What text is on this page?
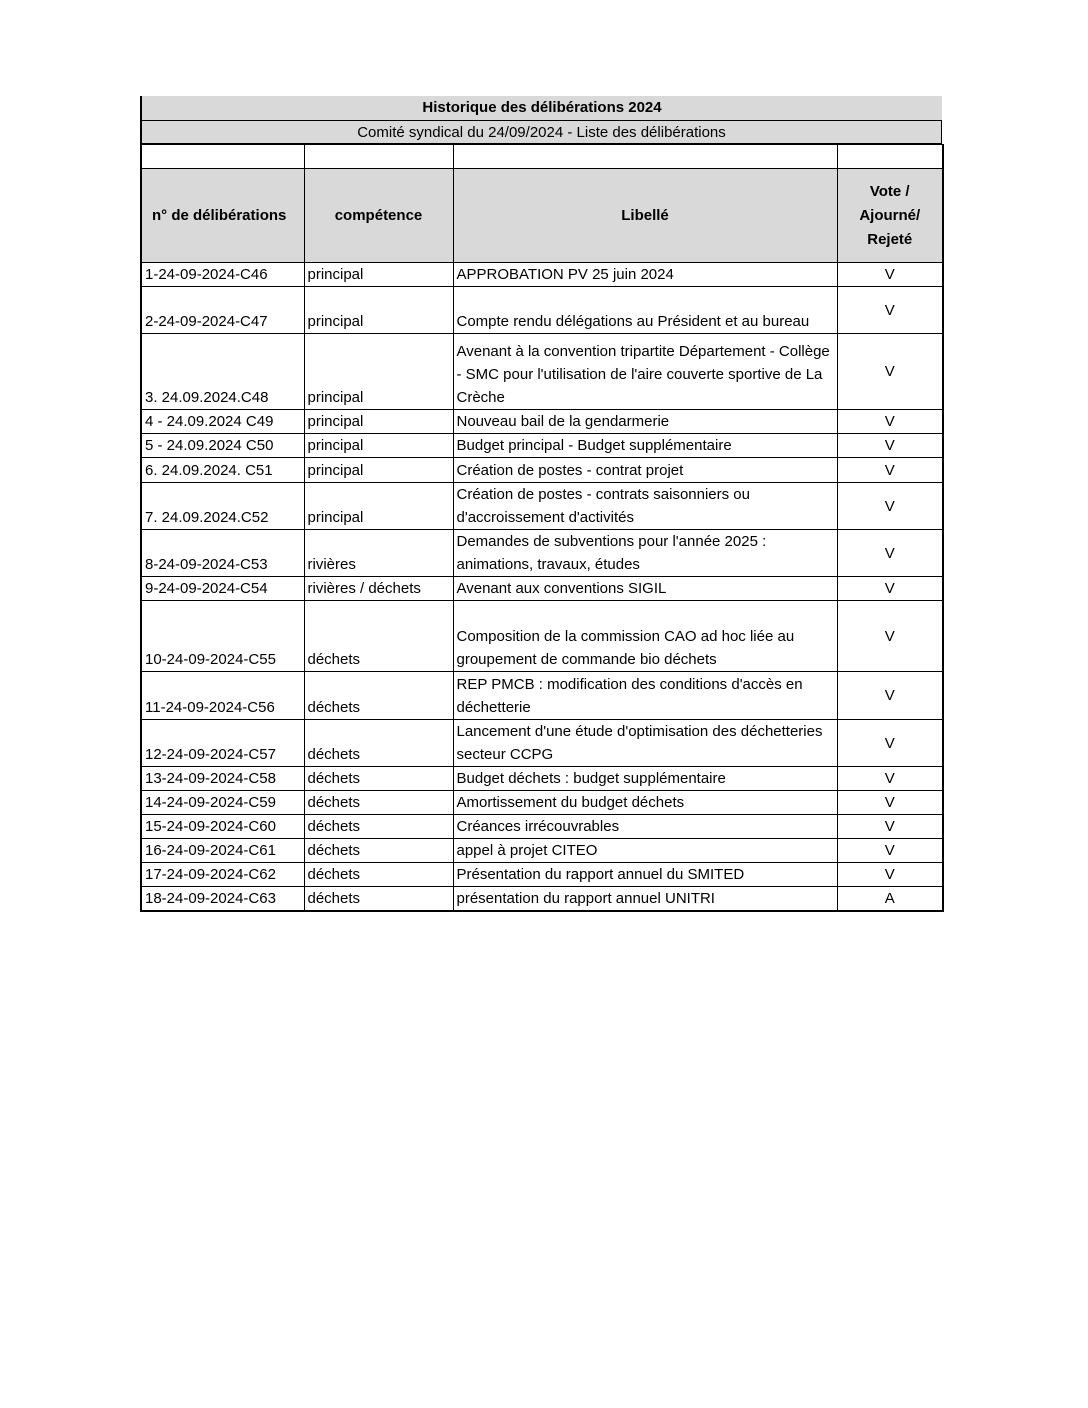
Historique des délibérations 2024
Comité syndical du 24/09/2024 - Liste des délibérations

n° de délibérations	compétence	Libellé	Vote / Ajourné/ Rejeté
1-24-09-2024-C46	principal	APPROBATION PV 25 juin 2024	V
2-24-09-2024-C47	principal	Compte rendu délégations au Président et au bureau	V
3. 24.09.2024.C48	principal	Avenant à la convention tripartite Département - Collège - SMC pour l'utilisation de l'aire couverte sportive de La Crèche	V
4 - 24.09.2024 C49	principal	Nouveau bail de la gendarmerie	V
5 - 24.09.2024 C50	principal	Budget principal - Budget supplémentaire	V
6. 24.09.2024. C51	principal	Création de postes - contrat projet	V
7. 24.09.2024.C52	principal	Création de postes - contrats saisonniers ou d'accroissement d'activités	V
8-24-09-2024-C53	rivières	Demandes de subventions pour l'année 2025 : animations, travaux, études	V
9-24-09-2024-C54	rivières / déchets	Avenant aux conventions SIGIL	V
10-24-09-2024-C55	déchets	Composition de la commission CAO ad hoc liée au groupement de commande bio déchets	V
11-24-09-2024-C56	déchets	REP PMCB : modification des conditions d'accès en déchetterie	V
12-24-09-2024-C57	déchets	Lancement d'une étude d'optimisation des déchetteries secteur CCPG	V
13-24-09-2024-C58	déchets	Budget déchets : budget supplémentaire	V
14-24-09-2024-C59	déchets	Amortissement du budget déchets	V
15-24-09-2024-C60	déchets	Créances irrécouvrables	V
16-24-09-2024-C61	déchets	appel à projet CITEO	V
17-24-09-2024-C62	déchets	Présentation du rapport annuel du SMITED	V
18-24-09-2024-C63	déchets	présentation du rapport annuel UNITRI	A
